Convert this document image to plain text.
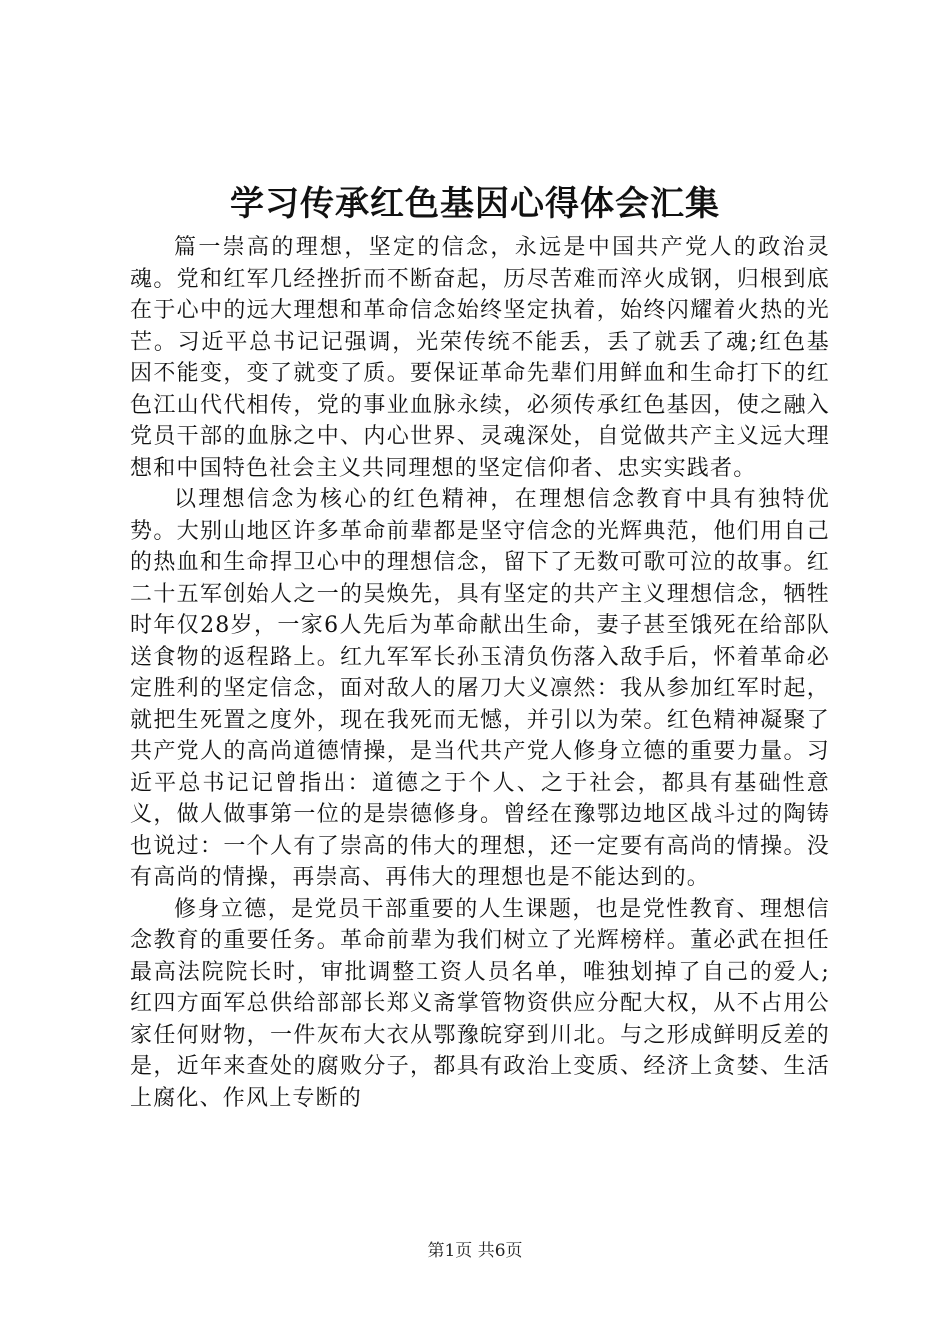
学习传承红色基因心得体会汇集

篇一崇高的理想，坚定的信念，永远是中国共产党人的政治灵魂。党和红军几经挫折而不断奋起，历尽苦难而淬火成钢，归根到底在于心中的远大理想和革命信念始终坚定执着，始终闪耀着火热的光芒。习近平总书记记强调，光荣传统不能丢，丢了就丢了魂;红色基因不能变，变了就变了质。要保证革命先辈们用鲜血和生命打下的红色江山代代相传，党的事业血脉永续，必须传承红色基因，使之融入党员干部的血脉之中、内心世界、灵魂深处，自觉做共产主义远大理想和中国特色社会主义共同理想的坚定信仰者、忠实实践者。

以理想信念为核心的红色精神，在理想信念教育中具有独特优势。大别山地区许多革命前辈都是坚守信念的光辉典范，他们用自己的热血和生命捍卫心中的理想信念，留下了无数可歌可泣的故事。红二十五军创始人之一的吴焕先，具有坚定的共产主义理想信念，牺牲时年仅28岁，一家6人先后为革命献出生命，妻子甚至饿死在给部队送食物的返程路上。红九军军长孙玉清负伤落入敌手后，怀着革命必定胜利的坚定信念，面对敌人的屠刀大义凛然：我从参加红军时起，就把生死置之度外，现在我死而无憾，并引以为荣。红色精神凝聚了共产党人的高尚道德情操，是当代共产党人修身立德的重要力量。习近平总书记记曾指出：道德之于个人、之于社会，都具有基础性意义，做人做事第一位的是崇德修身。曾经在豫鄂边地区战斗过的陶铸也说过：一个人有了崇高的伟大的理想，还一定要有高尚的情操。没有高尚的情操，再崇高、再伟大的理想也是不能达到的。

修身立德，是党员干部重要的人生课题，也是党性教育、理想信念教育的重要任务。革命前辈为我们树立了光辉榜样。董必武在担任最高法院院长时，审批调整工资人员名单，唯独划掉了自己的爱人;红四方面军总供给部部长郑义斋掌管物资供应分配大权，从不占用公家任何财物，一件灰布大衣从鄂豫皖穿到川北。与之形成鲜明反差的是，近年来查处的腐败分子，都具有政治上变质、经济上贪婪、生活上腐化、作风上专断的

第1页 共6页
